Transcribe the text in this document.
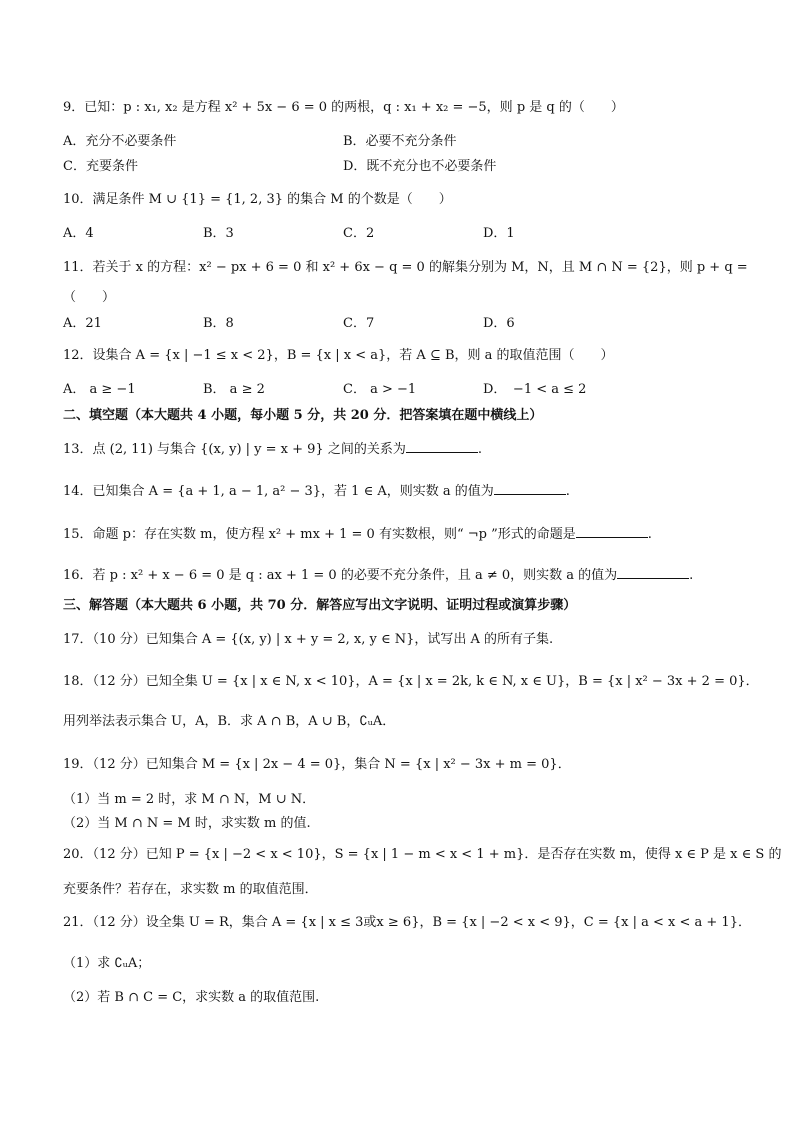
9．已知：p : x₁, x₂ 是方程 x² + 5x − 6 = 0 的两根，q : x₁ + x₂ = −5，则 p 是 q 的（　　）
A．充分不必要条件	B．必要不充分条件
C．充要条件	D．既不充分也不必要条件
10．满足条件 M ∪ {1} = {1, 2, 3} 的集合 M 的个数是（　　）
A．4	B．3	C．2	D．1
11．若关于 x 的方程：x² − px + 6 = 0 和 x² + 6x − q = 0 的解集分别为 M，N，且 M ∩ N = {2}，则 p + q =
（　　）
A．21	B．8	C．7	D．6
12．设集合 A = {x | −1 ≤ x < 2}，B = {x | x < a}，若 A ⊆ B，则 a 的取值范围（　　）
A． a ≥ −1	B． a ≥ 2	C． a > −1	D．　−1 < a ≤ 2
二、填空题（本大题共 4 小题，每小题 5 分，共 20 分．把答案填在题中横线上）
13．点 (2, 11) 与集合 {(x, y) | y = x + 9} 之间的关系为	.
14．已知集合 A = {a + 1, a − 1, a² − 3}，若 1 ∈ A，则实数 a 的值为	.
15．命题 p：存在实数 m，使方程 x² + mx + 1 = 0 有实数根，则“ ¬p ”形式的命题是	.
16．若 p : x² + x − 6 = 0 是 q : ax + 1 = 0 的必要不充分条件，且 a ≠ 0，则实数 a 的值为	.
三、解答题（本大题共 6 小题，共 70 分．解答应写出文字说明、证明过程或演算步骤）
17．（10 分）已知集合 A = {(x, y) | x + y = 2, x, y ∈ N}，试写出 A 的所有子集.
18．（12 分）已知全集 U = {x | x ∈ N, x < 10}，A = {x | x = 2k, k ∈ N, x ∈ U}，B = {x | x² − 3x + 2 = 0}．
用列举法表示集合 U，A，B．求 A ∩ B，A ∪ B，∁ᵤA．
19．（12 分）已知集合 M = {x | 2x − 4 = 0}，集合 N = {x | x² − 3x + m = 0}．
（1）当 m = 2 时，求 M ∩ N，M ∪ N．
（2）当 M ∩ N = M 时，求实数 m 的值.
20．（12 分）已知 P = {x | −2 < x < 10}，S = {x | 1 − m < x < 1 + m}．是否存在实数 m，使得 x ∈ P 是 x ∈ S 的
充要条件？若存在，求实数 m 的取值范围．
21．（12 分）设全集 U = R，集合 A = {x | x ≤ 3或x ≥ 6}，B = {x | −2 < x < 9}，C = {x | a < x < a + 1}．
（1）求 ∁ᵤA；
（2）若 B ∩ C = C，求实数 a 的取值范围.
